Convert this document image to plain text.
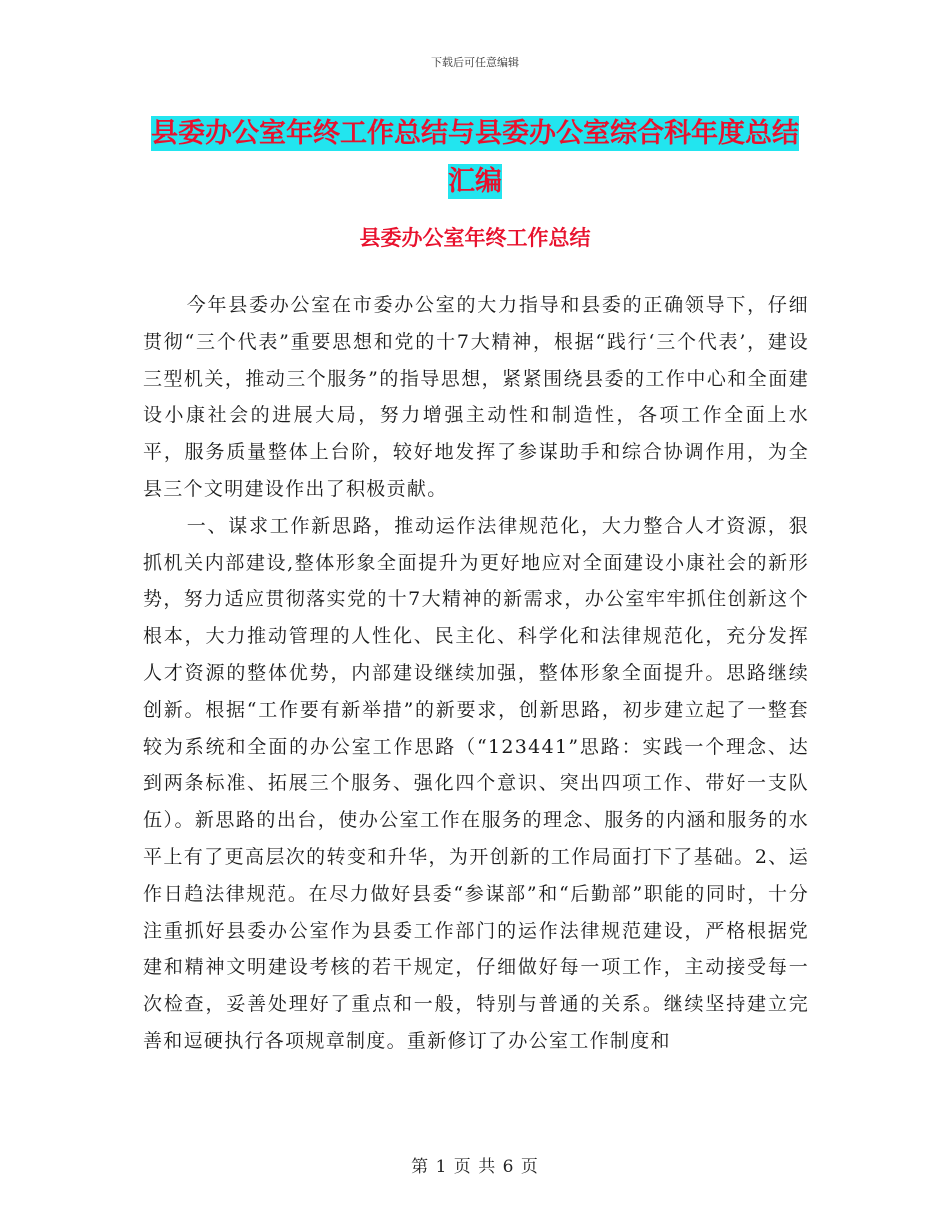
下载后可任意编辑
县委办公室年终工作总结与县委办公室综合科年度总结汇编
县委办公室年终工作总结

今年县委办公室在市委办公室的大力指导和县委的正确领导下，仔细贯彻“三个代表”重要思想和党的十7大精神，根据“践行‘三个代表’，建设三型机关，推动三个服务”的指导思想，紧紧围绕县委的工作中心和全面建设小康社会的进展大局，努力增强主动性和制造性，各项工作全面上水平，服务质量整体上台阶，较好地发挥了参谋助手和综合协调作用，为全县三个文明建设作出了积极贡献。

一、谋求工作新思路，推动运作法律规范化，大力整合人才资源，狠抓机关内部建设,整体形象全面提升为更好地应对全面建设小康社会的新形势，努力适应贯彻落实党的十7大精神的新需求，办公室牢牢抓住创新这个根本，大力推动管理的人性化、民主化、科学化和法律规范化，充分发挥人才资源的整体优势，内部建设继续加强，整体形象全面提升。思路继续创新。根据“工作要有新举措”的新要求，创新思路，初步建立起了一整套较为系统和全面的办公室工作思路（“123441”思路：实践一个理念、达到两条标准、拓展三个服务、强化四个意识、突出四项工作、带好一支队伍）。新思路的出台，使办公室工作在服务的理念、服务的内涵和服务的水平上有了更高层次的转变和升华，为开创新的工作局面打下了基础。2、运作日趋法律规范。在尽力做好县委“参谋部”和“后勤部”职能的同时，十分注重抓好县委办公室作为县委工作部门的运作法律规范建设，严格根据党建和精神文明建设考核的若干规定，仔细做好每一项工作，主动接受每一次检查，妥善处理好了重点和一般，特别与普通的关系。继续坚持建立完善和逗硬执行各项规章制度。重新修订了办公室工作制度和

第 1 页 共 6 页
